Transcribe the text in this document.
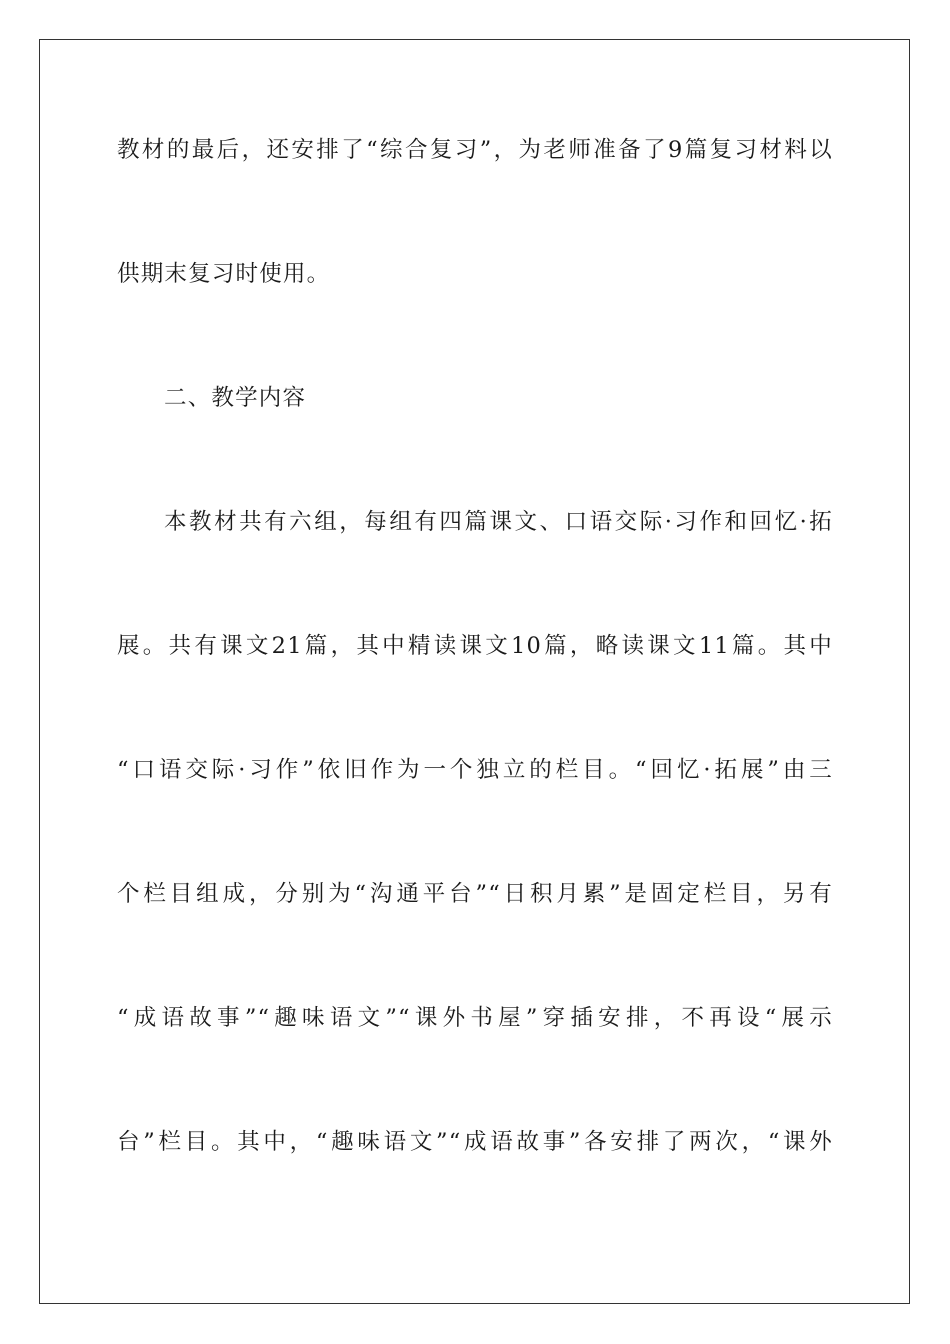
教材的最后，还安排了“综合复习”，为老师准备了9篇复习材料以
供期末复习时使用。
二、教学内容
本教材共有六组，每组有四篇课文、口语交际·习作和回忆·拓
展。共有课文21篇，其中精读课文10篇，略读课文11篇。其中
“口语交际·习作”依旧作为一个独立的栏目。“回忆·拓展”由三
个栏目组成，分别为“沟通平台”“日积月累”是固定栏目，另有
“成语故事”“趣味语文”“课外书屋”穿插安排，不再设“展示
台”栏目。其中，“趣味语文”“成语故事”各安排了两次，“课外
